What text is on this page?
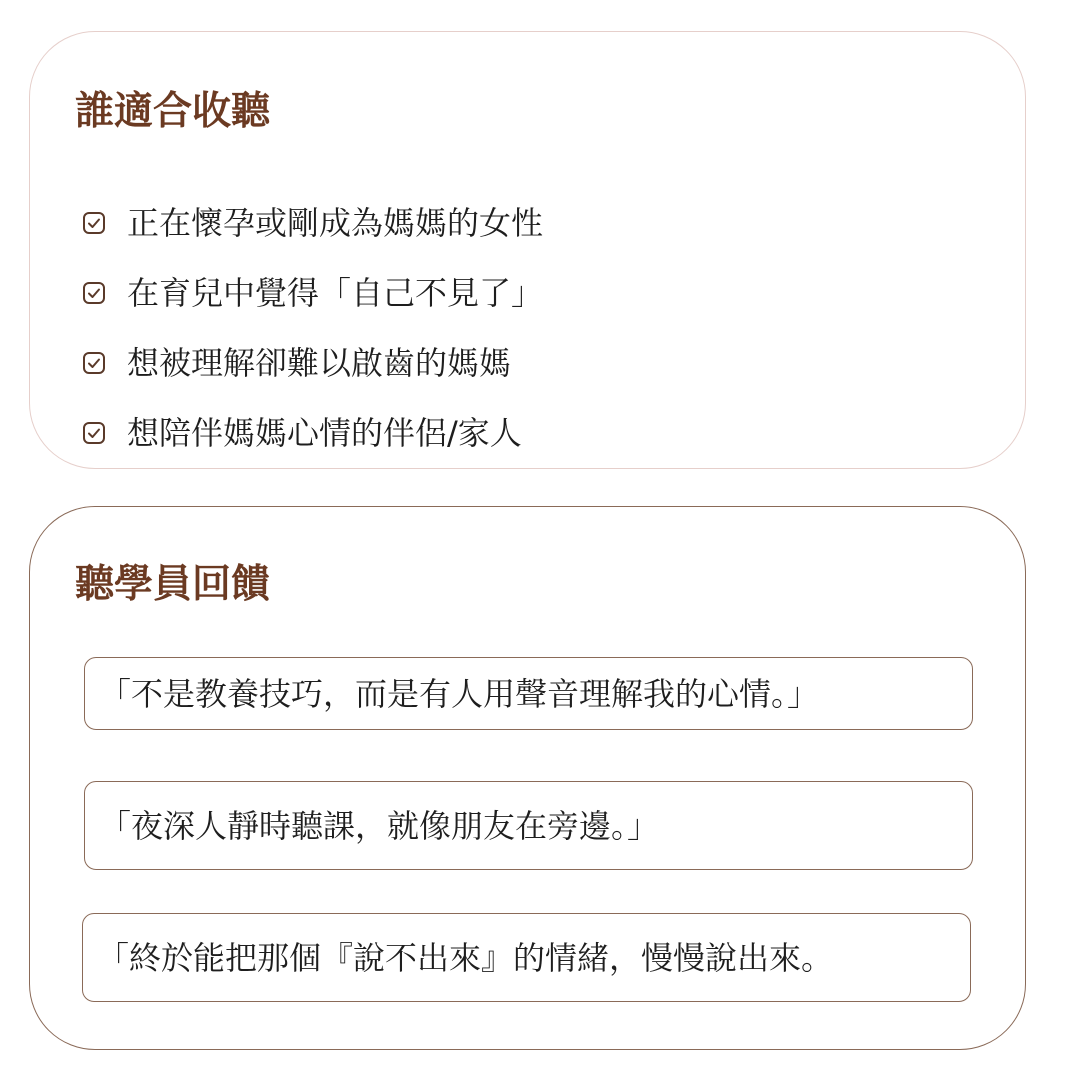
誰適合收聽
正在懷孕或剛成為媽媽的女性
在育兒中覺得「自己不見了」
想被理解卻難以啟齒的媽媽
想陪伴媽媽心情的伴侶/家人
聽學員回饋
「不是教養技巧，而是有人用聲音理解我的心情。」
「夜深人靜時聽課，就像朋友在旁邊。」
「終於能把那個『說不出來』的情緒，慢慢說出來。
